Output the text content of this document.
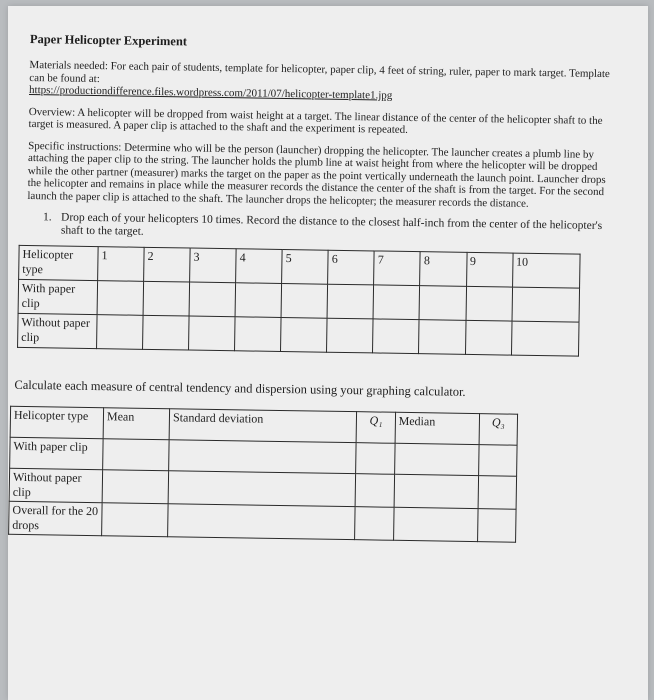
Paper Helicopter Experiment

Materials needed: For each pair of students, template for helicopter, paper clip, 4 feet of string, ruler, paper to mark target. Template can be found at:
https://productiondifference.files.wordpress.com/2011/07/helicopter-template1.jpg

Overview: A helicopter will be dropped from waist height at a target. The linear distance of the center of the helicopter shaft to the target is measured. A paper clip is attached to the shaft and the experiment is repeated.

Specific instructions: Determine who will be the person (launcher) dropping the helicopter. The launcher creates a plumb line by attaching the paper clip to the string. The launcher holds the plumb line at waist height from where the helicopter will be dropped while the other partner (measurer) marks the target on the paper as the point vertically underneath the launch point. Launcher drops the helicopter and remains in place while the measurer records the distance the center of the shaft is from the target. For the second launch the paper clip is attached to the shaft. The launcher drops the helicopter; the measurer records the distance.

1. Drop each of your helicopters 10 times. Record the distance to the closest half-inch from the center of the helicopter's shaft to the target.
Helicopter type	1	2	3	4	5	6	7	8	9	10
With paper clip										
Without paper clip										
Calculate each measure of central tendency and dispersion using your graphing calculator.
Helicopter type	Mean	Standard deviation	Q₁	Median	Q₃
With paper clip					
Without paper clip					
Overall for the 20 drops					
